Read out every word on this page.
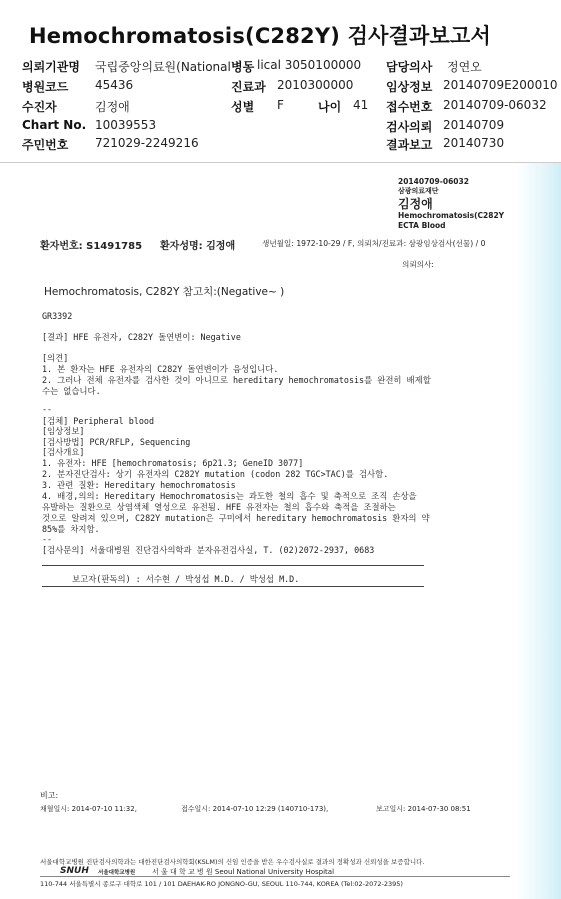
Hemochromatosis(C282Y) 검사결과보고서
의뢰기관명 국립중앙의료원(National 병동 lical 3050100000 담당의사 정연오
병원코드 45436	진료과 2010300000	임상정보 20140709E200010
수진자	김정애	성별 F	나이 41 접수번호 20140709-06032
Chart No. 10039553	검사의뢰 20140709
주민번호 721029-2249216	결과보고 20140730
20140709-06032
삼광의료재단
김정애
Hemochromatosis(C282Y
ECTA Blood
환자번호: S1491785 환자성명: 김정애	생년월일: 1972-10-29 / F, 의뢰처/진료과: 삼광임상검사(선물) / 0
의뢰의사:
Hemochromatosis, C282Y 참고치:(Negative~ )
GR3392
[결과] HFE 유전자, C282Y 돌연변이: Negative
[의견]
1. 본 환자는 HFE 유전자의 C282Y 돌연변이가 음성입니다.
2. 그러나 전체 유전자를 검사한 것이 아니므로 hereditary hemochromatosis를 완전히 배제할
수는 없습니다.
--
[검체] Peripheral blood
[임상정보]
[검사방법] PCR/RFLP, Sequencing
[검사개요]
1. 유전자: HFE [hemochromatosis; 6p21.3; GeneID 3077]
2. 분자진단검사: 상기 유전자의 C282Y mutation (codon 282 TGC>TAC)를 검사함.
3. 관련 질환: Hereditary hemochromatosis
4. 배경,의의: Hereditary Hemochromatosis는 과도한 철의 흡수 및 축적으로 조직 손상을
유발하는 질환으로 상염색체 열성으로 유전됨. HFE 유전자는 철의 흡수와 축적을 조절하는
것으로 알려져 있으며, C282Y mutation은 구미에서 hereditary hemochromatosis 환자의 약
85%를 차지함.
--
[검사문의] 서울대병원 진단검사의학과 분자유전검사실, T. (02)2072-2937, 0683
보고자(판독의) : 서수현 / 박성섭 M.D. / 박성섭 M.D.
비고:
채혈일시: 2014-07-10 11:32,	접수일시: 2014-07-10 12:29 (140710-173),	보고일시: 2014-07-30 08:51
서울대학교병원 진단검사의학과는 대한진단검사의학회(KSLM)의 신임 인증을 받은 우수검사실로 결과의 정확성과 신뢰성을 보증합니다.
SNUH 서울대학교병원 서 울 대 학 교 병 원 Seoul National University Hospital
110-744 서울특별시 종로구 대학로 101 / 101 DAEHAK-RO JONGNO-GU, SEOUL 110-744, KOREA (Tel:02-2072-2395)
